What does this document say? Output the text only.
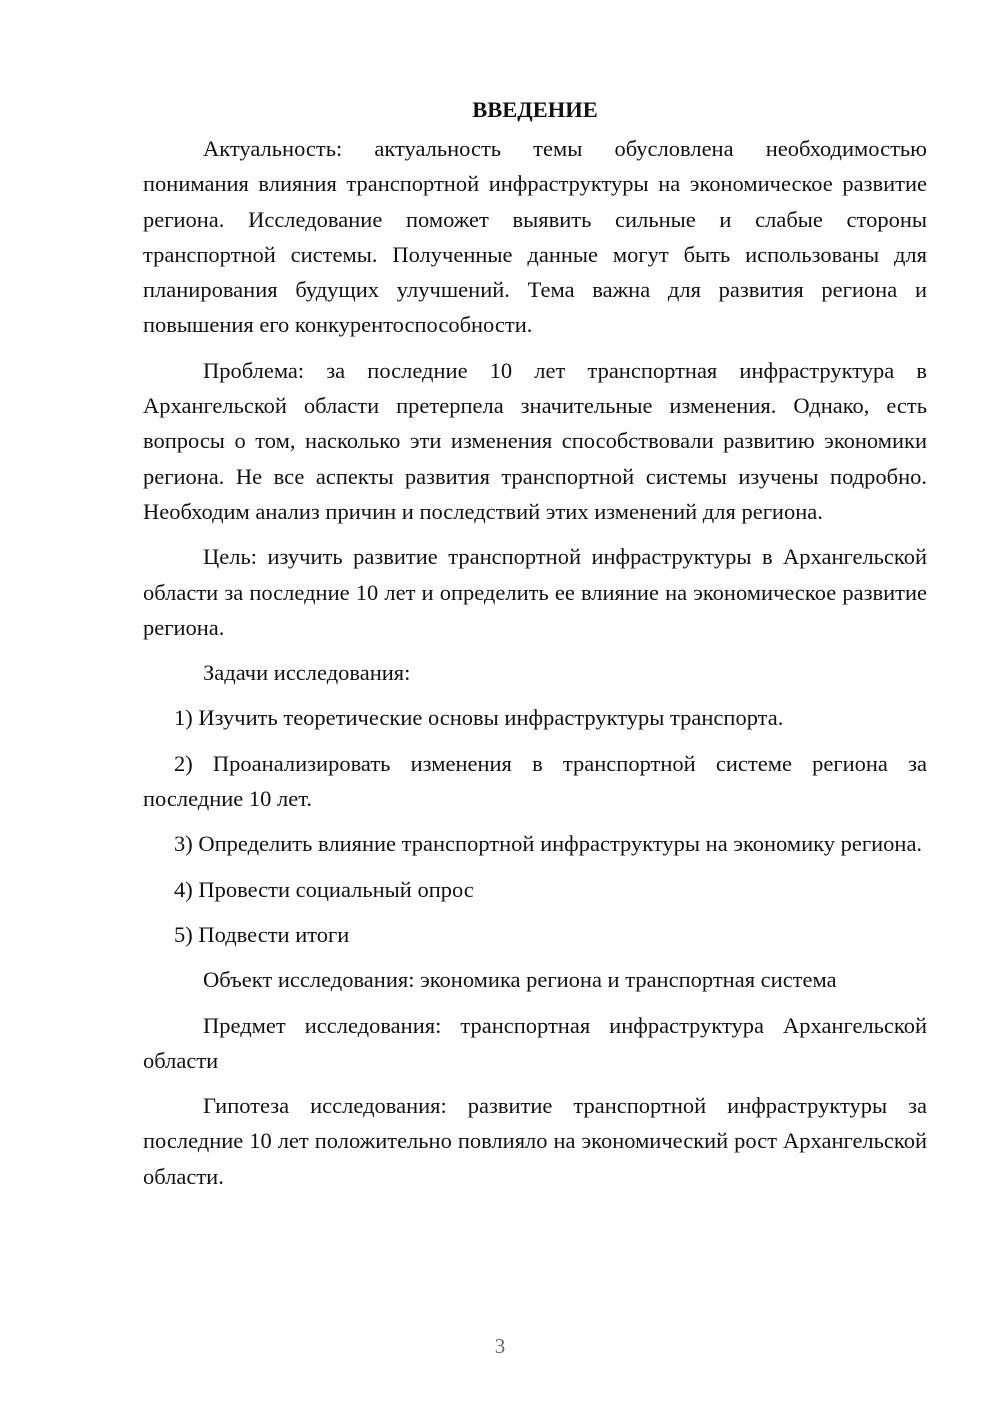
ВВЕДЕНИЕ

Актуальность: актуальность темы обусловлена необходимостью понимания влияния транспортной инфраструктуры на экономическое развитие региона. Исследование поможет выявить сильные и слабые стороны транспортной системы. Полученные данные могут быть использованы для планирования будущих улучшений. Тема важна для развития региона и повышения его конкурентоспособности.

Проблема: за последние 10 лет транспортная инфраструктура в Архангельской области претерпела значительные изменения. Однако, есть вопросы о том, насколько эти изменения способствовали развитию экономики региона. Не все аспекты развития транспортной системы изучены подробно. Необходим анализ причин и последствий этих изменений для региона.

Цель: изучить развитие транспортной инфраструктуры в Архангельской области за последние 10 лет и определить ее влияние на экономическое развитие региона.

Задачи исследования:
1) Изучить теоретические основы инфраструктуры транспорта.
2) Проанализировать изменения в транспортной системе региона за последние 10 лет.
3) Определить влияние транспортной инфраструктуры на экономику региона.
4) Провести социальный опрос
5) Подвести итоги

Объект исследования: экономика региона и транспортная система

Предмет исследования: транспортная инфраструктура Архангельской области

Гипотеза исследования: развитие транспортной инфраструктуры за последние 10 лет положительно повлияло на экономический рост Архангельской области.

3
